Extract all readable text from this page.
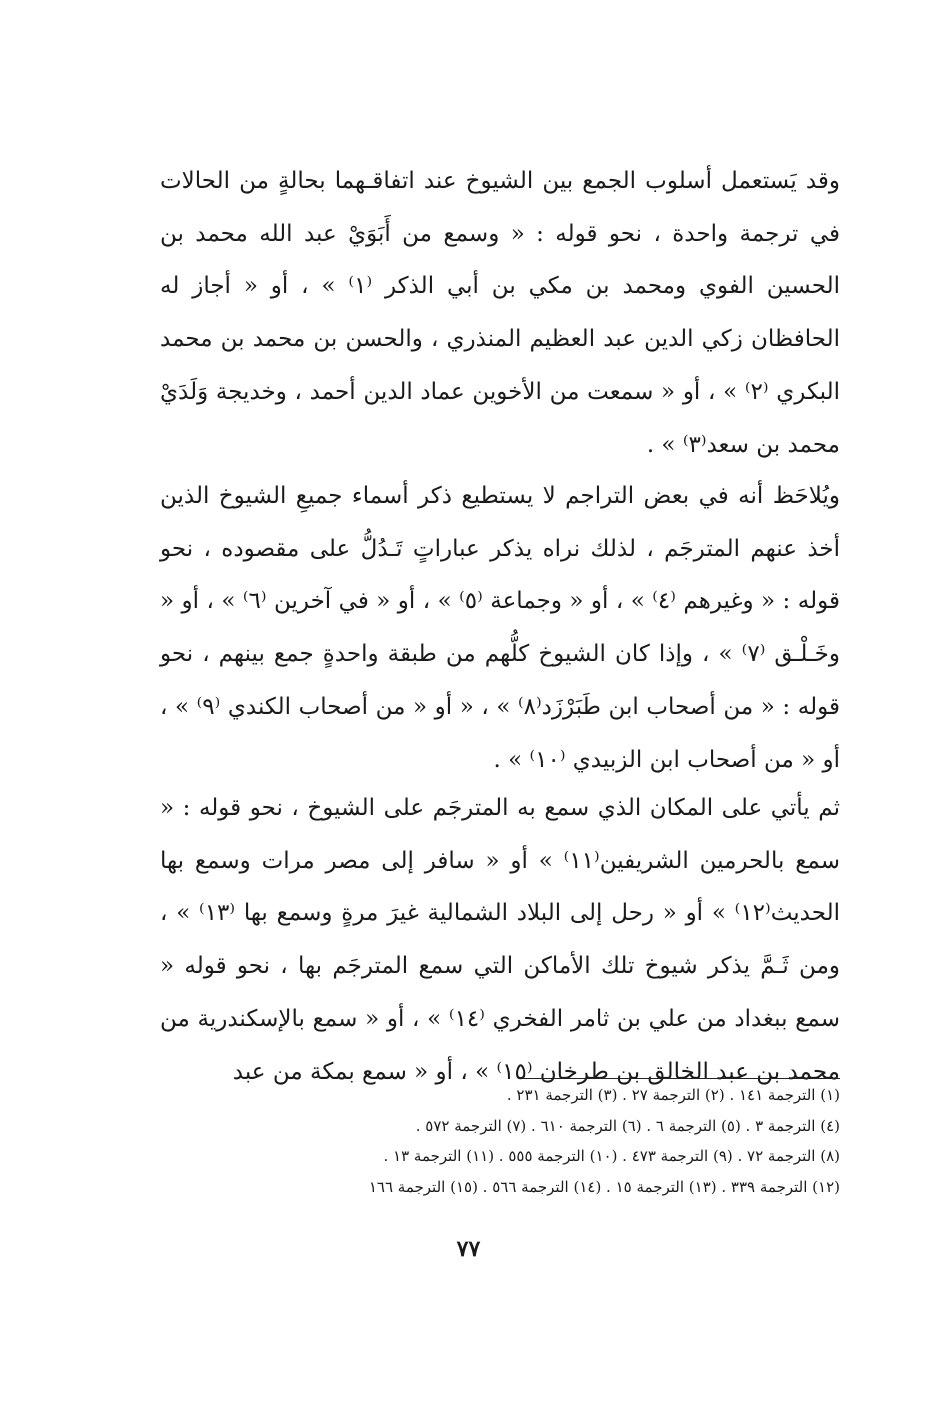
وقد يَستعمل أسلوب الجمع بين الشيوخ عند اتفاقـهما بحالةٍ من الحالات في ترجمة واحدة ، نحو قوله : « وسمع من أَبَوَيْ عبد الله محمد بن الحسين الفوي ومحمد بن مكي بن أبي الذكر ⁽١⁾ » ، أو « أجاز له الحافظان زكي الدين عبد العظيم المنذري ، والحسن بن محمد بن محمد البكري ⁽٢⁾ » ، أو « سمعت من الأخوين عماد الدين أحمد ، وخديجة وَلَدَيْ محمد بن سعد⁽٣⁾ » .

ويُلاحَظ أنه في بعض التراجم لا يستطيع ذكر أسماء جميعِ الشيوخ الذين أخذ عنهم المترجَم ، لذلك نراه يذكر عباراتٍ تَـدُلُّ على مقصوده ، نحو قوله : « وغيرهم ⁽٤⁾ » ، أو « وجماعة ⁽٥⁾ » ، أو « في آخرين ⁽٦⁾ » ، أو « وخَـلْـق ⁽٧⁾ » ، وإذا كان الشيوخ كلُّهم من طبقة واحدةٍ جمع بينهم ، نحو قوله : « من أصحاب ابن طَبَرْزَد⁽٨⁾ » ، « أو « من أصحاب الكندي ⁽٩⁾ » ، أو « من أصحاب ابن الزبيدي ⁽١٠⁾ » .

ثم يأتي على المكان الذي سمع به المترجَم على الشيوخ ، نحو قوله : « سمع بالحرمين الشريفين⁽١١⁾ » أو « سافر إلى مصر مرات وسمع بها الحديث⁽١٢⁾ » أو « رحل إلى البلاد الشمالية غيرَ مرةٍ وسمع بها ⁽١٣⁾ » ، ومن ثَـمَّ يذكر شيوخ تلك الأماكن التي سمع المترجَم بها ، نحو قوله « سمع ببغداد من علي بن ثامر الفخري ⁽١٤⁾ » ، أو « سمع بالإسكندرية من محمد بن عبد الخالق بن طرخان ⁽١٥⁾ » ، أو « سمع بمكة من عبد

(١) الترجمة ١٤١ . (٢) الترجمة ٢٧ . (٣) الترجمة ٢٣١ .

(٤) الترجمة ٣ . (٥) الترجمة ٦ . (٦) الترجمة ٦١٠ . (٧) الترجمة ٥٧٢ .

(٨) الترجمة ٧٢ . (٩) الترجمة ٤٧٣ . (١٠) الترجمة ٥٥٥ . (١١) الترجمة ١٣ .

(١٢) الترجمة ٣٣٩ . (١٣) الترجمة ١٥ . (١٤) الترجمة ٥٦٦ . (١٥) الترجمة ١٦٦

٧٧
